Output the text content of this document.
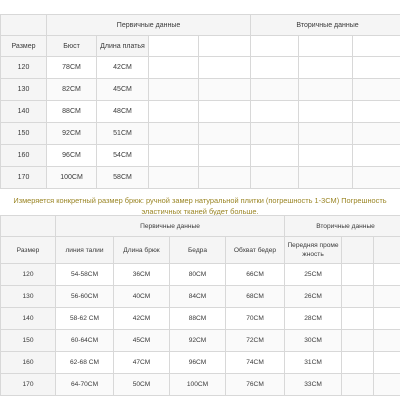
	Первичные данные				Вторичные данные		
Размер	Бюст	Длина платья					
120	78CM	42CM					
130	82CM	45CM					
140	88CM	48CM					
150	92CM	51CM					
160	96CM	54CM					
170	100CM	58CM					

Измеряется конкретный размер брюк: ручной замер натуральной плитки (погрешность 1-3CM) Погрешность эластичных тканей будет больше.

	Первичные данные				Вторичные данные		
Размер	линия талии	Длина брюк	Бедра	Обхват бедер	Передняя проме жность		
120	54-58CM	36CM	80CM	66CM	25CM		
130	56-60CM	40CM	84CM	68CM	26CM		
140	58-62 CM	42CM	88CM	70CM	28CM		
150	60-64CM	45CM	92CM	72CM	30CM		
160	62-68 CM	47CM	96CM	74CM	31CM		
170	64-70CM	50CM	100CM	76CM	33CM		
